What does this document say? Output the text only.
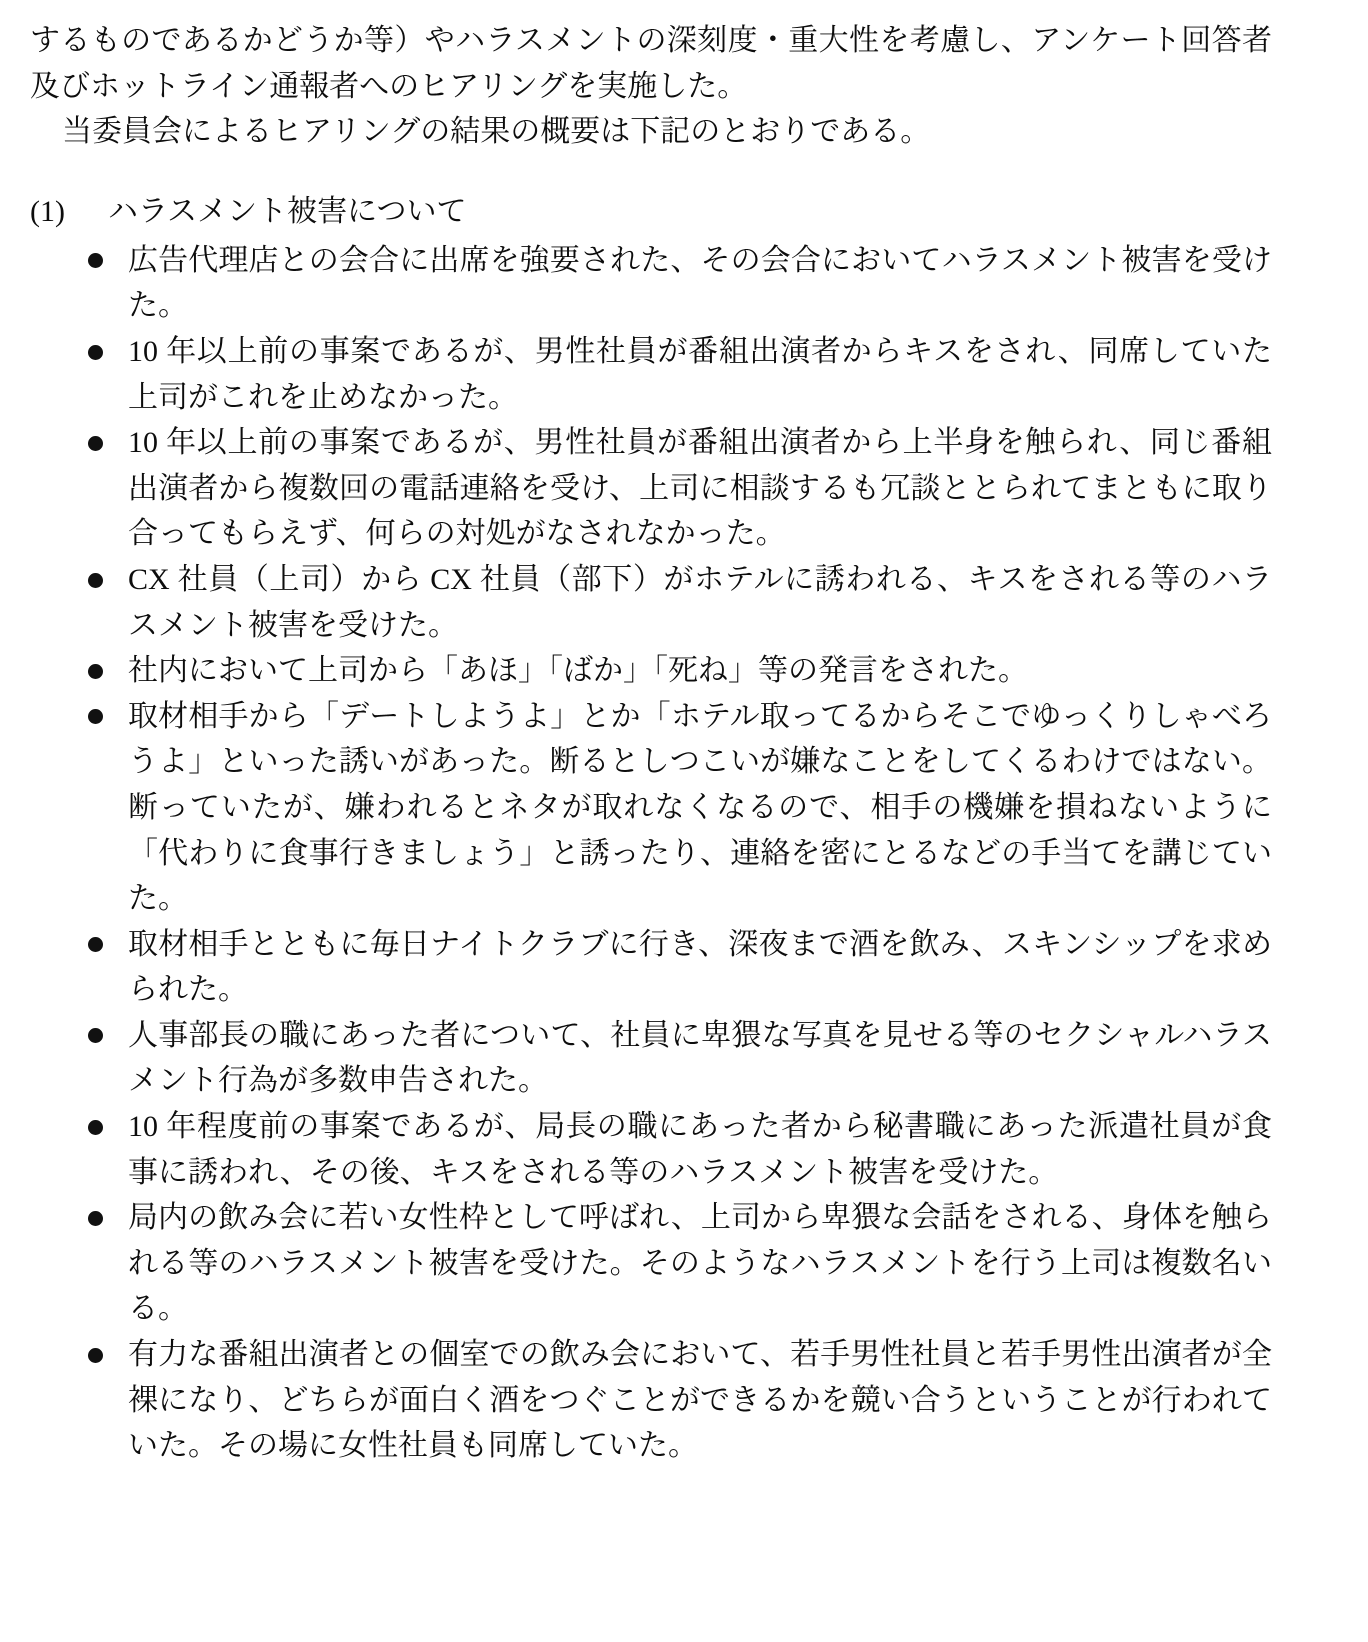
するものであるかどうか等）やハラスメントの深刻度・重大性を考慮し、アンケート回答者及びホットライン通報者へのヒアリングを実施した。

当委員会によるヒアリングの結果の概要は下記のとおりである。

(1)	ハラスメント被害について
広告代理店との会合に出席を強要された、その会合においてハラスメント被害を受けた。
10 年以上前の事案であるが、男性社員が番組出演者からキスをされ、同席していた上司がこれを止めなかった。
10 年以上前の事案であるが、男性社員が番組出演者から上半身を触られ、同じ番組出演者から複数回の電話連絡を受け、上司に相談するも冗談ととられてまともに取り合ってもらえず、何らの対処がなされなかった。
CX 社員（上司）から CX 社員（部下）がホテルに誘われる、キスをされる等のハラスメント被害を受けた。
社内において上司から「あほ」「ばか」「死ね」等の発言をされた。
取材相手から「デートしようよ」とか「ホテル取ってるからそこでゆっくりしゃべろうよ」といった誘いがあった。断るとしつこいが嫌なことをしてくるわけではない。断っていたが、嫌われるとネタが取れなくなるので、相手の機嫌を損ねないように「代わりに食事行きましょう」と誘ったり、連絡を密にとるなどの手当てを講じていた。
取材相手とともに毎日ナイトクラブに行き、深夜まで酒を飲み、スキンシップを求められた。
人事部長の職にあった者について、社員に卑猥な写真を見せる等のセクシャルハラスメント行為が多数申告された。
10 年程度前の事案であるが、局長の職にあった者から秘書職にあった派遣社員が食事に誘われ、その後、キスをされる等のハラスメント被害を受けた。
局内の飲み会に若い女性枠として呼ばれ、上司から卑猥な会話をされる、身体を触られる等のハラスメント被害を受けた。そのようなハラスメントを行う上司は複数名いる。
有力な番組出演者との個室での飲み会において、若手男性社員と若手男性出演者が全裸になり、どちらが面白く酒をつぐことができるかを競い合うということが行われていた。その場に女性社員も同席していた。
